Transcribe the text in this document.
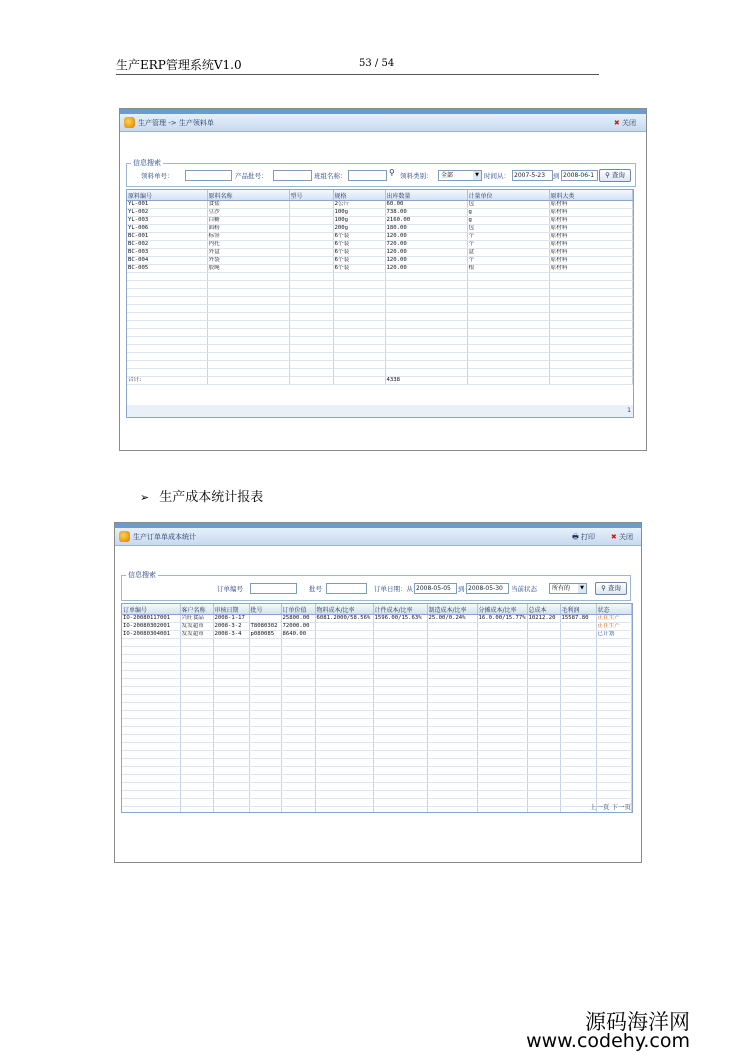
生产ERP管理系统V1.0	53 / 54
生产管理 -> 生产领料单	✖ 关闭
信息搜索
领料单号：	产品批号：	班组名称：	⚲ 领料类别：	全部	▼ 时间从： 2007-5-23	到 2008-06-1	⚲ 查询
原料编号	原料名称	型号	规格	出库数量	计量单位	原料大类
YL-001	食盐		2公斤	60.00	包	原材料
YL-002	豆沙		100g	738.00	g	原材料
YL-003	白糖		100g	2160.00	g	原材料
YL-006	面粉		200g	180.00	包	原材料
BC-001	标签		6个装	120.00	个	原材料
BC-002	内托		6个装	720.00	个	原材料
BC-003	外盒		6个装	120.00	盒	原材料
BC-004	外袋		6个装	120.00	个	原材料
BC-005	胶绳		6个装	120.00	根	原材料

合计:				4338		
1
➢ 生产成本统计报表
生产订单单成本统计	🖶 打印 ✖ 关闭
信息搜索
订单编号	批号	订单日期：从 2008-05-05	到 2008-05-30	当前状态	所有的	▼	⚲ 查询
订单编号	客户名称	审核日期	批号	订单价值	物料成本/比率	计件成本/比率	制造成本/比率	分摊成本/比率	总成本	毛利润	状态
IO-20080117001	兴旺食品	2008-1-17		25800.00	6081.2000/58.56%	1596.00/15.63%	25.00/0.24%	16.0.00/15.77%	10212.20	15587.80	正在生产
IO-20080302001	发发超市	2008-3-2	T8080302	72000.00							正在生产
IO-20080304001	发发超市	2008-3-4	p080085	8640.00							已计划

上一页 下一页
源码海洋网
www.codehy.com
